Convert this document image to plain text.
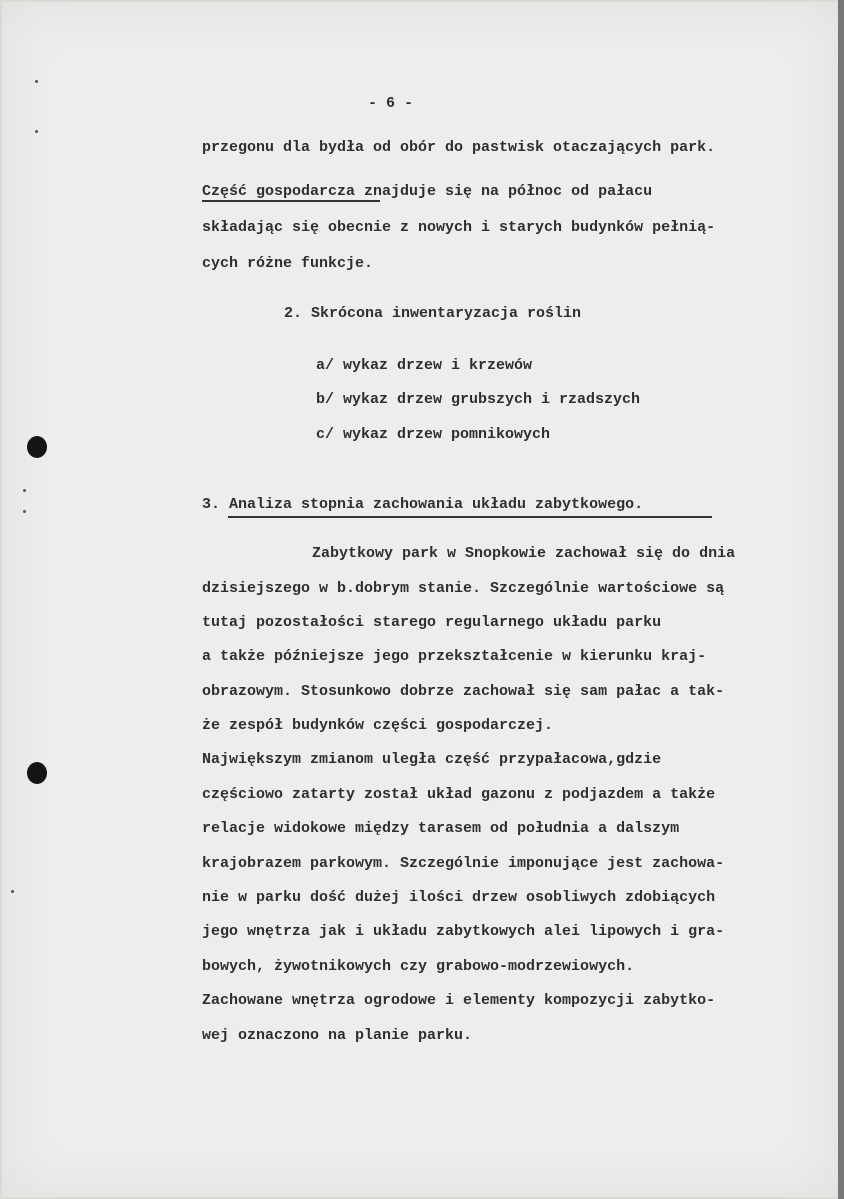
- 6 -
przegonu dla bydła od obór do pastwisk otaczających park.
Część gospodarcza znajduje się na północ od pałacu
składając się obecnie z nowych i starych budynków pełnią-
cych różne funkcje.
2. Skrócona inwentaryzacja roślin
a/ wykaz drzew i krzewów
b/ wykaz drzew grubszych i rzadszych
c/ wykaz drzew pomnikowych
3. Analiza stopnia zachowania układu zabytkowego.
Zabytkowy park w Snopkowie zachował się do dnia
dzisiejszego w b.dobrym stanie. Szczególnie wartościowe są
tutaj pozostałości starego regularnego układu parku
a także późniejsze jego przekształcenie w kierunku kraj-
obrazowym. Stosunkowo dobrze zachował się sam pałac a tak-
że zespół budynków części gospodarczej.
Największym zmianom uległa część przypałacowa,gdzie
częściowo zatarty został układ gazonu z podjazdem a także
relacje widokowe między tarasem od południa a dalszym
krajobrazem parkowym. Szczególnie imponujące jest zachowa-
nie w parku dość dużej ilości drzew osobliwych zdobiących
jego wnętrza jak i układu zabytkowych alei lipowych i gra-
bowych, żywotnikowych czy grabowo-modrzewiowych.
Zachowane wnętrza ogrodowe i elementy kompozycji zabytko-
wej oznaczono na planie parku.
